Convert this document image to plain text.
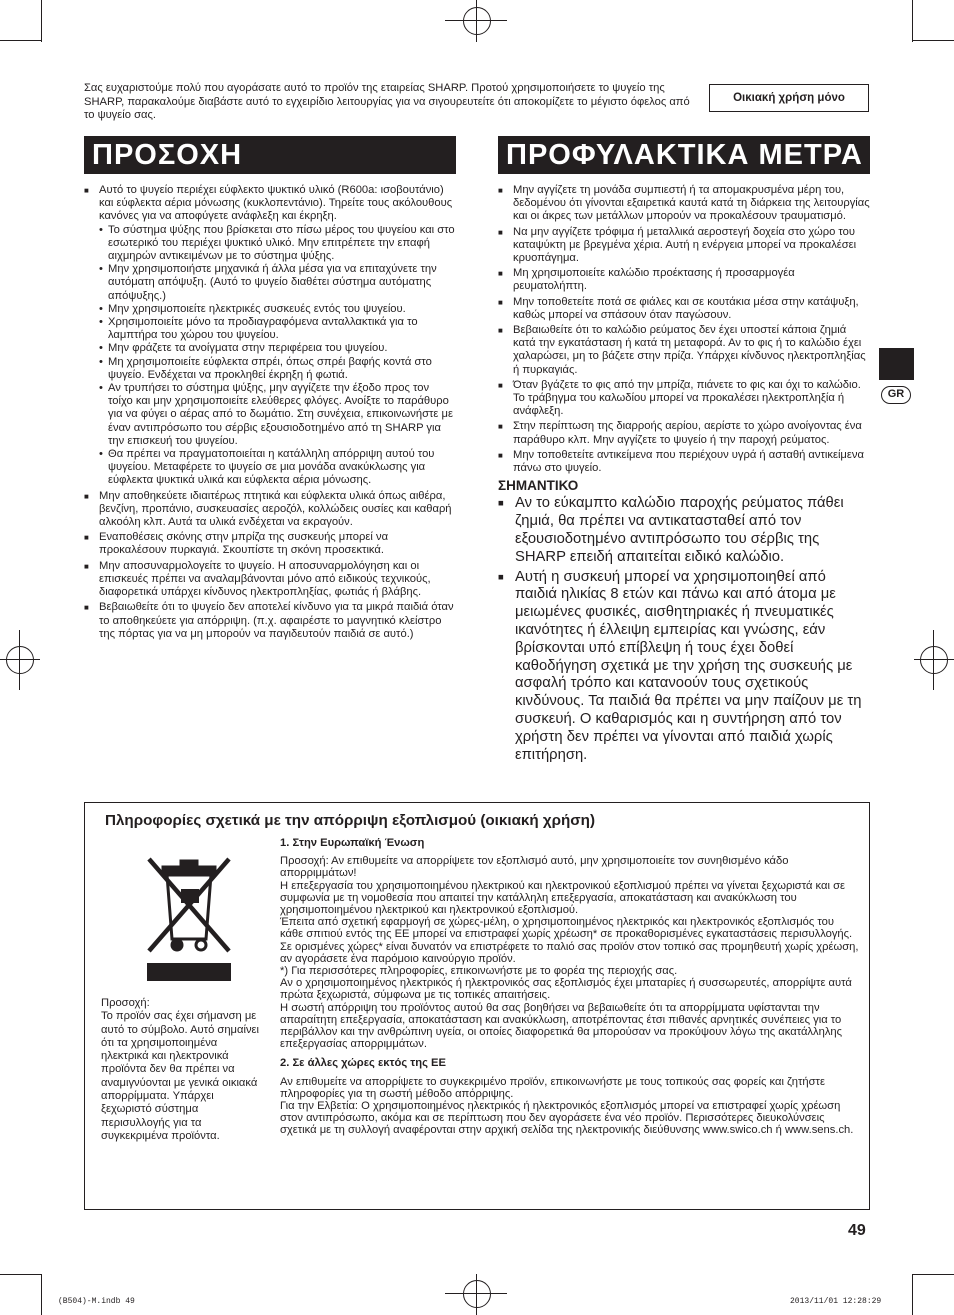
Σας ευχαριστούμε πολύ που αγοράσατε αυτό το προϊόν της εταιρείας SHARP. Προτού χρησιμοποιήσετε το ψυγείο της SHARP, παρακαλούμε διαβάστε αυτό το εγχειρίδιο λειτουργίας για να σιγουρευτείτε ότι αποκομίζετε το μέγιστο όφελος από το ψυγείο σας.
Οικιακή χρήση μόνο
ΠΡΟΣΟΧΗ
■ Αυτό το ψυγείο περιέχει εύφλεκτο ψυκτικό υλικό (R600a: ισοβουτάνιο) και εύφλεκτα αέρια μόνωσης (κυκλοπεντάνιο). Τηρείτε τους ακόλουθους κανόνες για να αποφύγετε ανάφλεξη και έκρηξη.
• Το σύστημα ψύξης που βρίσκεται στο πίσω μέρος του ψυγείου και στο εσωτερικό του περιέχει ψυκτικό υλικό. Μην επιτρέπετε την επαφή αιχμηρών αντικειμένων με το σύστημα ψύξης.
• Μην χρησιμοποιήστε μηχανικά ή άλλα μέσα για να επιταχύνετε την αυτόματη απόψυξη. (Αυτό το ψυγείο διαθέτει σύστημα αυτόματης απόψυξης.)
• Μην χρησιμοποιείτε ηλεκτρικές συσκευές εντός του ψυγείου.
• Χρησιμοποιείτε μόνο τα προδιαγραφόμενα ανταλλακτικά για το λαμπτήρα του χώρου του ψυγείου.
• Μην φράζετε τα ανοίγματα στην περιφέρεια του ψυγείου.
• Μη χρησιμοποιείτε εύφλεκτα σπρέι, όπως σπρέι βαφής κοντά στο ψυγείο. Ενδέχεται να προκληθεί έκρηξη ή φωτιά.
• Αν τρυπήσει το σύστημα ψύξης, μην αγγίζετε την έξοδο προς τον τοίχο και μην χρησιμοποιείτε ελεύθερες φλόγες. Ανοίξτε το παράθυρο για να φύγει ο αέρας από το δωμάτιο. Στη συνέχεια, επικοινωνήστε με έναν αντιπρόσωπο του σέρβις εξουσιοδοτημένο από τη SHARP για την επισκευή του ψυγείου.
• Θα πρέπει να πραγματοποιείται η κατάλληλη απόρριψη αυτού του ψυγείου. Μεταφέρετε το ψυγείο σε μια μονάδα ανακύκλωσης για εύφλεκτα ψυκτικά υλικά και εύφλεκτα αέρια μόνωσης.
■ Μην αποθηκεύετε ιδιαιτέρως πτητικά και εύφλεκτα υλικά όπως αιθέρα, βενζίνη, προπάνιο, συσκευασίες αερoζόλ, κολλώδεις ουσίες και καθαρή αλκοόλη κλπ. Αυτά τα υλικά ενδέχεται να εκραγούν.
■ Εναποθέσεις σκόνης στην μπρίζα της συσκευής μπορεί να προκαλέσουν πυρκαγιά. Σκουπίστε τη σκόνη προσεκτικά.
■ Μην αποσυναρμολογείτε το ψυγείο. Η αποσυναρμολόγηση και οι επισκευές πρέπει να αναλαμβάνονται μόνο από ειδικούς τεχνικούς, διαφορετικά υπάρχει κίνδυνος ηλεκτροπληξίας, φωτιάς ή βλάβης.
■ Βεβαιωθείτε ότι το ψυγείο δεν αποτελεί κίνδυνο για τα μικρά παιδιά όταν το αποθηκεύετε για απόρριψη. (π.χ. αφαιρέστε το μαγνητικό κλείστρο της πόρτας για να μη μπορούν να παγιδευτούν παιδιά σε αυτό.)
ΠΡΟΦΥΛΑΚΤΙΚΑ ΜΕΤΡΑ
■ Μην αγγίζετε τη μονάδα συμπιεστή ή τα απομακρυσμένα μέρη του, δεδομένου ότι γίνονται εξαιρετικά καυτά κατά τη διάρκεια της λειτουργίας και οι άκρες των μετάλλων μπορούν να προκαλέσουν τραυματισμό.
■ Να μην αγγίζετε τρόφιμα ή μεταλλικά αεροστεγή δοχεία στο χώρο του καταψύκτη με βρεγμένα χέρια. Αυτή η ενέργεια μπορεί να προκαλέσει κρυοπάγημα.
■ Μη χρησιμοποιείτε καλώδιο προέκτασης ή προσαρμογέα ρευματολήπτη.
■ Μην τοποθετείτε ποτά σε φιάλες και σε κουτάκια μέσα στην κατάψυξη, καθώς μπορεί να σπάσουν όταν παγώσουν.
■ Βεβαιωθείτε ότι το καλώδιο ρεύματος δεν έχει υποστεί κάποια ζημιά κατά την εγκατάσταση ή κατά τη μεταφορά. Αν το φις ή το καλώδιο έχει χαλαρώσει, μη το βάζετε στην πρίζα. Υπάρχει κίνδυνος ηλεκτροπληξίας ή πυρκαγιάς.
■ Όταν βγάζετε το φις από την μπρίζα, πιάνετε το φις και όχι το καλώδιο. Το τράβηγμα του καλωδίου μπορεί να προκαλέσει ηλεκτροπληξία ή ανάφλεξη.
■ Στην περίπτωση της διαρροής αερίου, αερίστε το χώρο ανοίγοντας ένα παράθυρο κλπ. Μην αγγίζετε το ψυγείο ή την παροχή ρεύματος.
■ Μην τοποθετείτε αντικείμενα που περιέχουν υγρά ή ασταθή αντικείμενα πάνω στο ψυγείο.
ΣΗΜΑΝΤΙΚΟ
■ Αν το εύκαμπτο καλώδιο παροχής ρεύματος πάθει ζημιά, θα πρέπει να αντικατασταθεί από τον εξουσιοδοτημένο αντιπρόσωπο του σέρβις της SHARP επειδή απαιτείται ειδικό καλώδιο.
■ Αυτή η συσκευή μπορεί να χρησιμοποιηθεί από παιδιά ηλικίας 8 ετών και πάνω και από άτομα με μειωμένες φυσικές, αισθητηριακές ή πνευματικές ικανότητες ή έλλειψη εμπειρίας και γνώσης, εάν βρίσκονται υπό επίβλεψη ή τους έχει δοθεί καθοδήγηση σχετικά με την χρήση της συσκευής με ασφαλή τρόπο και κατανοούν τους σχετικούς κινδύνους. Τα παιδιά θα πρέπει να μην παίζουν με τη συσκευή. Ο καθαρισμός και η συντήρηση από τον χρήστη δεν πρέπει να γίνονται από παιδιά χωρίς επιτήρηση.
GR
Πληροφορίες σχετικά με την απόρριψη εξοπλισμού (οικιακή χρήση)
Προσοχή:
Το προϊόν σας έχει σήμανση με αυτό το σύμβολο. Αυτό σημαίνει ότι τα χρησιμοποιημένα ηλεκτρικά και ηλεκτρονικά προϊόντα δεν θα πρέπει να αναμιγνύονται με γενικά οικιακά απορρίμματα. Υπάρχει ξεχωριστό σύστημα περισυλλογής για τα συγκεκριμένα προϊόντα.
1. Στην Ευρωπαϊκή Ένωση

Προσοχή: Αν επιθυμείτε να απορρίψετε τον εξοπλισμό αυτό, μην χρησιμοποιείτε τον συνηθισμένο κάδο απορριμμάτων!
Η επεξεργασία του χρησιμοποιημένου ηλεκτρικού και ηλεκτρονικού εξοπλισμού πρέπει να γίνεται ξεχωριστά και σε συμφωνία με τη νομοθεσία που απαιτεί την κατάλληλη επεξεργασία, αποκατάσταση και ανακύκλωση του χρησιμοποιημένου ηλεκτρικού και ηλεκτρονικού εξοπλισμού.
Έπειτα από σχετική εφαρμογή σε χώρες-μέλη, ο χρησιμοποιημένος ηλεκτρικός και ηλεκτρονικός εξοπλισμός του κάθε σπιτιού εντός της ΕΕ μπορεί να επιστραφεί χωρίς χρέωση* σε προκαθορισμένες εγκαταστάσεις περισυλλογής. Σε ορισμένες χώρες* είναι δυνατόν να επιστρέφετε το παλιό σας προϊόν στον τοπικό σας προμηθευτή χωρίς χρέωση, αν αγοράσετε ένα παρόμοιο καινούργιο προϊόν.
*) Για περισσότερες πληροφορίες, επικοινωνήστε με το φορέα της περιοχής σας.
Αν ο χρησιμοποιημένος ηλεκτρικός ή ηλεκτρονικός σας εξοπλισμός έχει μπαταρίες ή συσσωρευτές, απορρίψτε αυτά πρώτα ξεχωριστά, σύμφωνα με τις τοπικές απαιτήσεις.
Η σωστή απόρριψη του προϊόντος αυτού θα σας βοηθήσει να βεβαιωθείτε ότι τα απορρίμματα υφίστανται την απαραίτητη επεξεργασία, αποκατάσταση και ανακύκλωση, αποτρέποντας έτσι πιθανές αρνητικές συνέπειες για το περιβάλλον και την ανθρώπινη υγεία, οι οποίες διαφορετικά θα μπορούσαν να προκύψουν λόγω της ακατάλληλης επεξεργασίας απορριμμάτων.

2. Σε άλλες χώρες εκτός της ΕΕ

Αν επιθυμείτε να απορρίψετε το συγκεκριμένο προϊόν, επικοινωνήστε με τους τοπικούς σας φορείς και ζητήστε πληροφορίες για τη σωστή μέθοδο απόρριψης.
Για την Ελβετία: Ο χρησιμοποιημένος ηλεκτρικός ή ηλεκτρονικός εξοπλισμός μπορεί να επιστραφεί χωρίς χρέωση στον αντιπρόσωπο, ακόμα και σε περίπτωση που δεν αγοράσετε ένα νέο προϊόν. Περισσότερες διευκολύνσεις σχετικά με τη συλλογή αναφέρονται στην αρχική σελίδα της ηλεκτρονικής διεύθυνσης www.swico.ch ή www.sens.ch.

49
(B504)-M.indb 49	2013/11/01 12:28:29
